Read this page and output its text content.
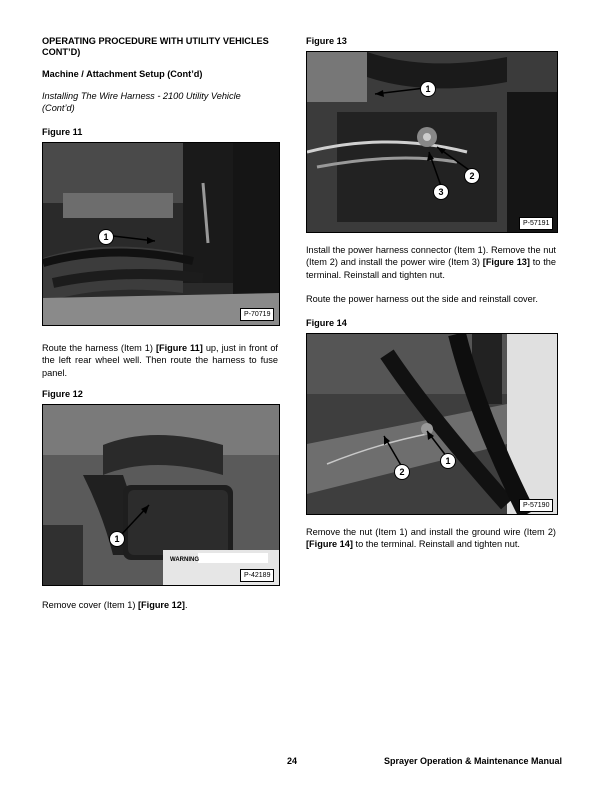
OPERATING PROCEDURE WITH UTILITY VEHICLES CONT’D)
Machine / Attachment Setup (Cont’d)
Installing The Wire Harness - 2100 Utility Vehicle (Cont’d)
Figure 11
1
P-70719
Route the harness (Item 1) [Figure 11] up, just in front of the left rear wheel well. Then route the harness to fuse panel.
Figure 12
WARNING
1
P-42189
Remove cover (Item 1) [Figure 12].
Figure 13
1
2
3
P-57191
Install the power harness connector (Item 1). Remove the nut (Item 2) and install the power wire (Item 3) [Figure 13] to the terminal. Reinstall and tighten nut.
Route the power harness out the side and reinstall cover.
Figure 14
1
2
P-57190
Remove the nut (Item 1) and install the ground wire (Item 2) [Figure 14] to the terminal. Reinstall and tighten nut.
24	Sprayer Operation & Maintenance Manual
